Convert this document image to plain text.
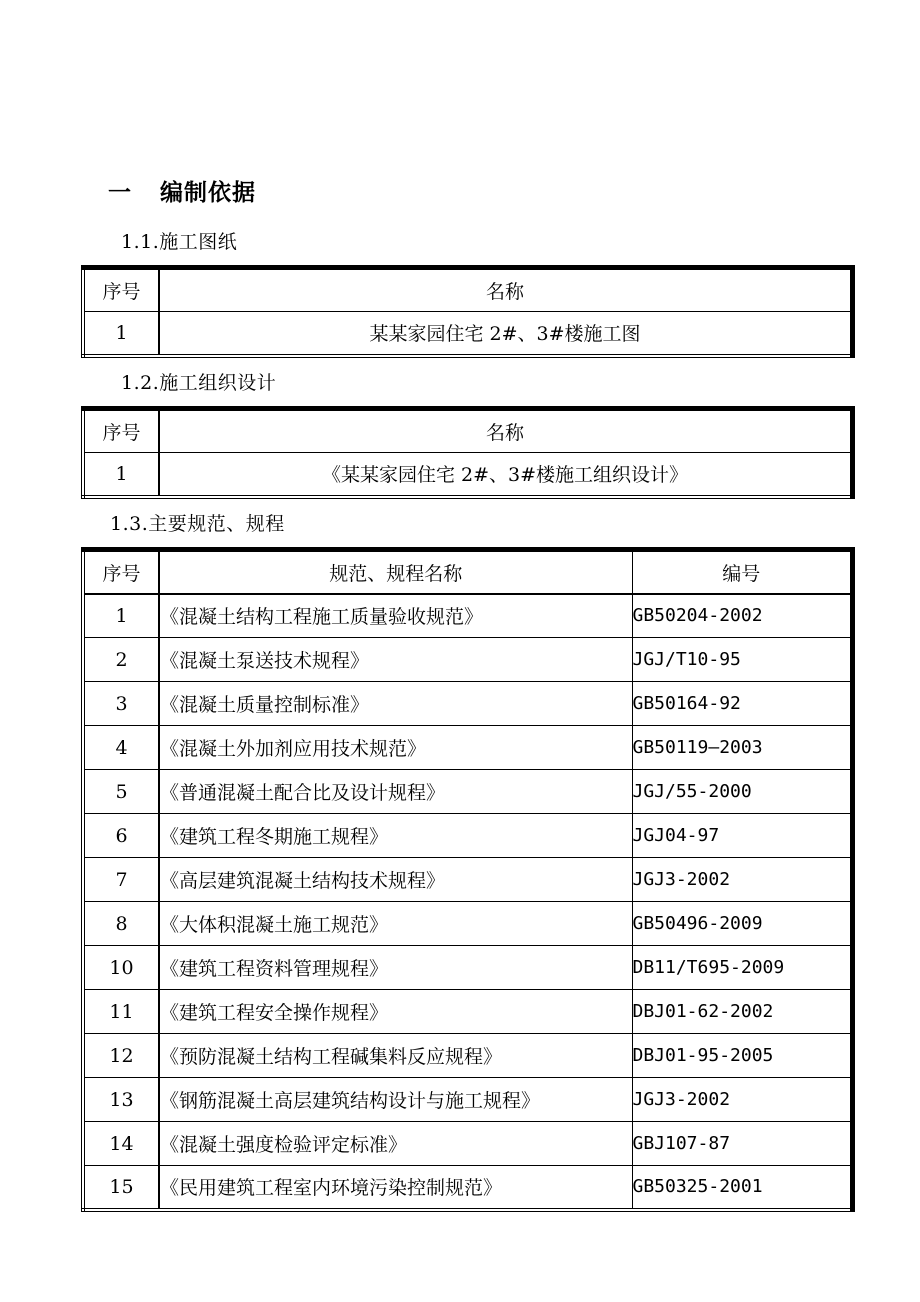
一 编制依据
1.1.施工图纸
序号	名称
1	某某家园住宅 2#、3#楼施工图
1.2.施工组织设计
序号	名称
1	《某某家园住宅 2#、3#楼施工组织设计》
1.3.主要规范、规程
序号	规范、规程名称	编号
1	《混凝土结构工程施工质量验收规范》	GB50204-2002
2	《混凝土泵送技术规程》	JGJ/T10-95
3	《混凝土质量控制标准》	GB50164-92
4	《混凝土外加剂应用技术规范》	GB50119—2003
5	《普通混凝土配合比及设计规程》	JGJ/55-2000
6	《建筑工程冬期施工规程》	JGJ04-97
7	《高层建筑混凝土结构技术规程》	JGJ3-2002
8	《大体积混凝土施工规范》	GB50496-2009
10	《建筑工程资料管理规程》	DB11/T695-2009
11	《建筑工程安全操作规程》	DBJ01-62-2002
12	《预防混凝土结构工程碱集料反应规程》	DBJ01-95-2005
13	《钢筋混凝土高层建筑结构设计与施工规程》	JGJ3-2002
14	《混凝土强度检验评定标准》	GBJ107-87
15	《民用建筑工程室内环境污染控制规范》	GB50325-2001
